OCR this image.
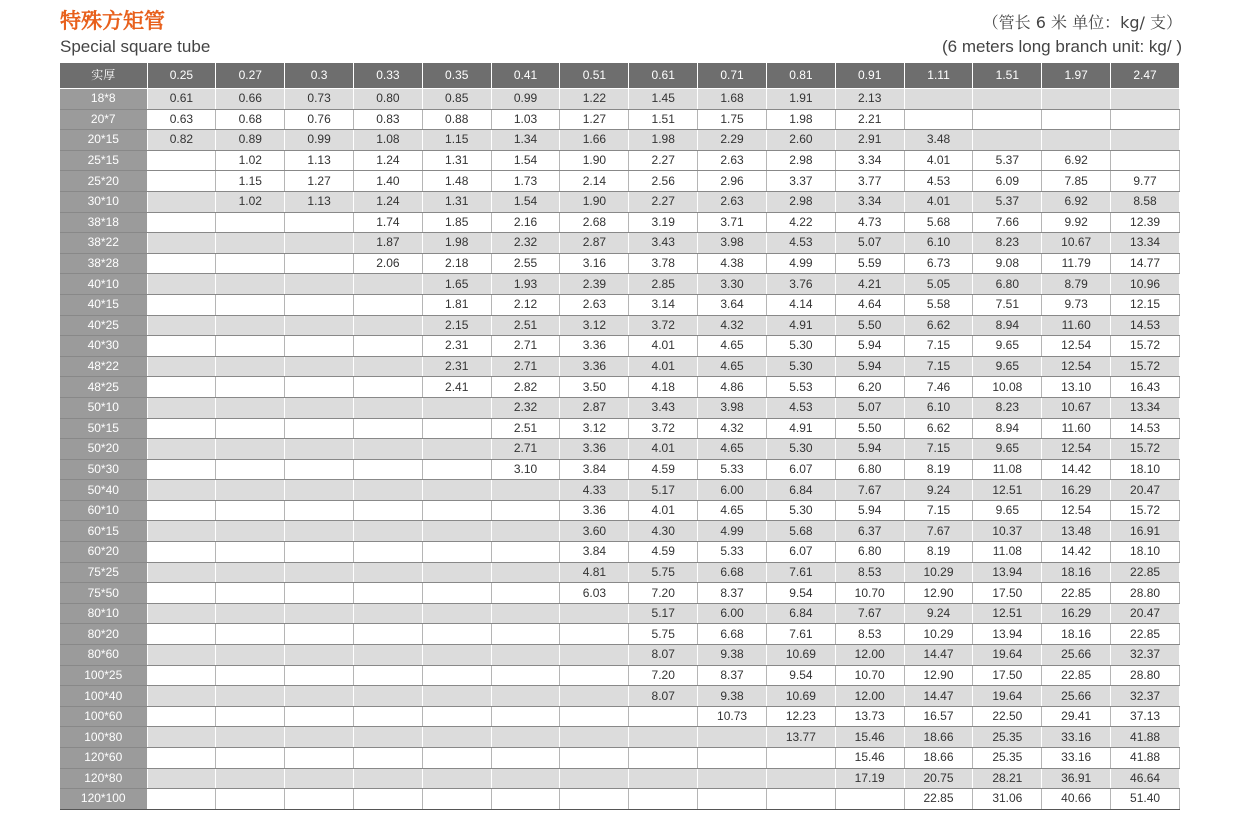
特殊方矩管
Special square tube
（管长 6 米 单位：kg/ 支）
(6 meters long branch unit: kg/ )
实厚	0.25	0.27	0.3	0.33	0.35	0.41	0.51	0.61	0.71	0.81	0.91	1.11	1.51	1.97	2.47
18*8	0.61	0.66	0.73	0.80	0.85	0.99	1.22	1.45	1.68	1.91	2.13				
20*7	0.63	0.68	0.76	0.83	0.88	1.03	1.27	1.51	1.75	1.98	2.21				
20*15	0.82	0.89	0.99	1.08	1.15	1.34	1.66	1.98	2.29	2.60	2.91	3.48			
25*15		1.02	1.13	1.24	1.31	1.54	1.90	2.27	2.63	2.98	3.34	4.01	5.37	6.92	
25*20		1.15	1.27	1.40	1.48	1.73	2.14	2.56	2.96	3.37	3.77	4.53	6.09	7.85	9.77
30*10		1.02	1.13	1.24	1.31	1.54	1.90	2.27	2.63	2.98	3.34	4.01	5.37	6.92	8.58
38*18				1.74	1.85	2.16	2.68	3.19	3.71	4.22	4.73	5.68	7.66	9.92	12.39
38*22				1.87	1.98	2.32	2.87	3.43	3.98	4.53	5.07	6.10	8.23	10.67	13.34
38*28				2.06	2.18	2.55	3.16	3.78	4.38	4.99	5.59	6.73	9.08	11.79	14.77
40*10					1.65	1.93	2.39	2.85	3.30	3.76	4.21	5.05	6.80	8.79	10.96
40*15					1.81	2.12	2.63	3.14	3.64	4.14	4.64	5.58	7.51	9.73	12.15
40*25					2.15	2.51	3.12	3.72	4.32	4.91	5.50	6.62	8.94	11.60	14.53
40*30					2.31	2.71	3.36	4.01	4.65	5.30	5.94	7.15	9.65	12.54	15.72
48*22					2.31	2.71	3.36	4.01	4.65	5.30	5.94	7.15	9.65	12.54	15.72
48*25					2.41	2.82	3.50	4.18	4.86	5.53	6.20	7.46	10.08	13.10	16.43
50*10						2.32	2.87	3.43	3.98	4.53	5.07	6.10	8.23	10.67	13.34
50*15						2.51	3.12	3.72	4.32	4.91	5.50	6.62	8.94	11.60	14.53
50*20						2.71	3.36	4.01	4.65	5.30	5.94	7.15	9.65	12.54	15.72
50*30						3.10	3.84	4.59	5.33	6.07	6.80	8.19	11.08	14.42	18.10
50*40							4.33	5.17	6.00	6.84	7.67	9.24	12.51	16.29	20.47
60*10							3.36	4.01	4.65	5.30	5.94	7.15	9.65	12.54	15.72
60*15							3.60	4.30	4.99	5.68	6.37	7.67	10.37	13.48	16.91
60*20							3.84	4.59	5.33	6.07	6.80	8.19	11.08	14.42	18.10
75*25							4.81	5.75	6.68	7.61	8.53	10.29	13.94	18.16	22.85
75*50							6.03	7.20	8.37	9.54	10.70	12.90	17.50	22.85	28.80
80*10								5.17	6.00	6.84	7.67	9.24	12.51	16.29	20.47
80*20								5.75	6.68	7.61	8.53	10.29	13.94	18.16	22.85
80*60								8.07	9.38	10.69	12.00	14.47	19.64	25.66	32.37
100*25								7.20	8.37	9.54	10.70	12.90	17.50	22.85	28.80
100*40								8.07	9.38	10.69	12.00	14.47	19.64	25.66	32.37
100*60									10.73	12.23	13.73	16.57	22.50	29.41	37.13
100*80										13.77	15.46	18.66	25.35	33.16	41.88
120*60											15.46	18.66	25.35	33.16	41.88
120*80											17.19	20.75	28.21	36.91	46.64
120*100												22.85	31.06	40.66	51.40
